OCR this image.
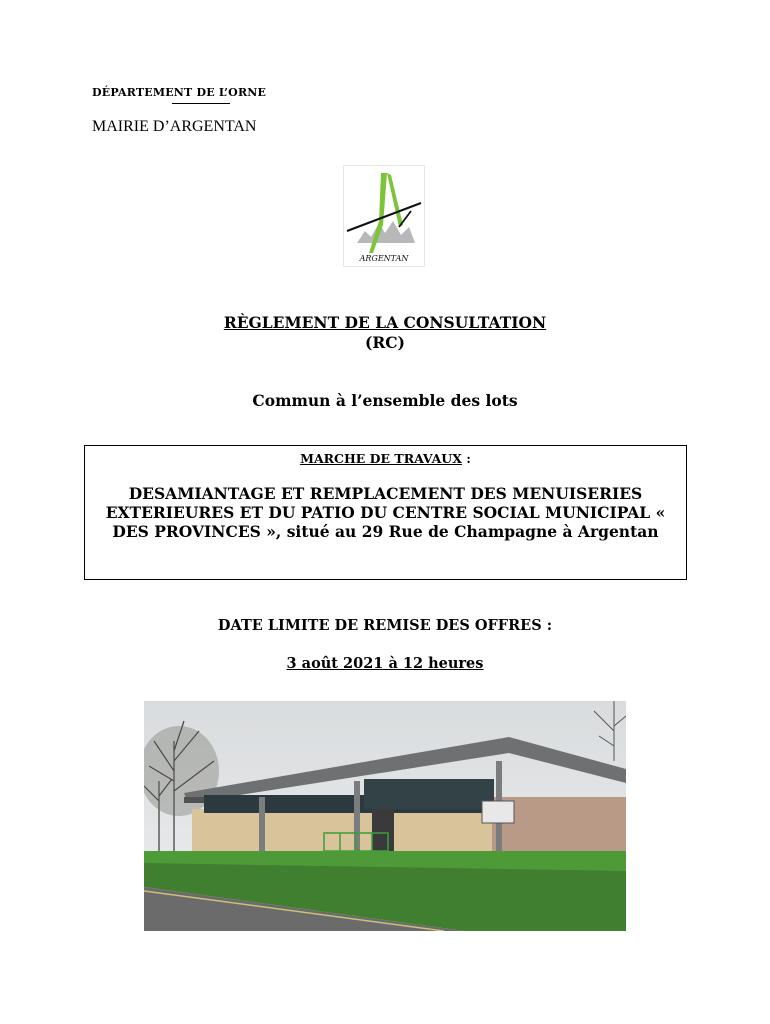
DÉPARTEMENT DE L’ORNE
MAIRIE D’ARGENTAN
ARGENTAN
RÈGLEMENT DE LA CONSULTATION
(RC)
Commun à l’ensemble des lots
MARCHE DE TRAVAUX :
DESAMIANTAGE ET REMPLACEMENT DES MENUISERIES EXTERIEURES ET DU PATIO DU CENTRE SOCIAL MUNICIPAL « DES PROVINCES », situé au 29 Rue de Champagne à Argentan
DATE LIMITE DE REMISE DES OFFRES :
3 août 2021 à 12 heures
